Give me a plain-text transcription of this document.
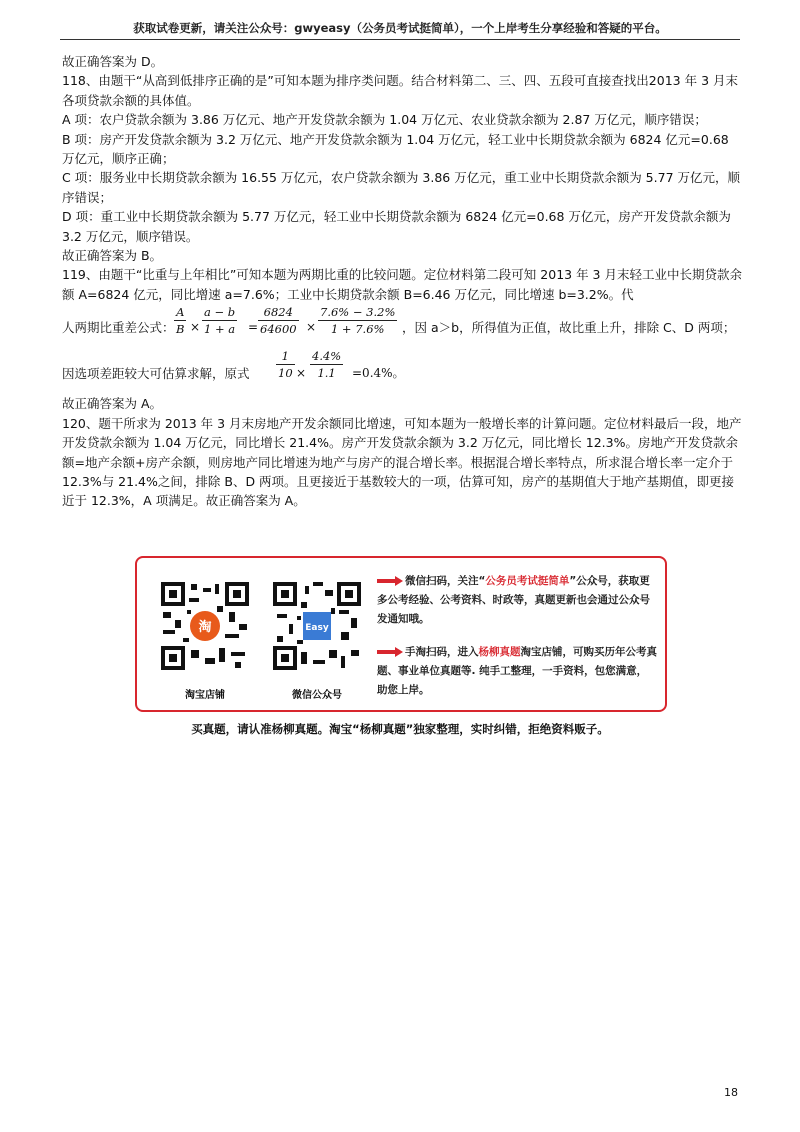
获取试卷更新，请关注公众号：gwyeasy（公务员考试挺简单），一个上岸考生分享经验和答疑的平台。

故正确答案为 D。

118、由题干“从高到低排序正确的是”可知本题为排序类问题。结合材料第二、三、四、五段可直接查找出2013 年 3 月末各项贷款余额的具体值。

A 项：农户贷款余额为 3.86 万亿元、地产开发贷款余额为 1.04 万亿元、农业贷款余额为 2.87 万亿元，顺序错误；

B 项：房产开发贷款余额为 3.2 万亿元、地产开发贷款余额为 1.04 万亿元，轻工业中长期贷款余额为 6824 亿元=0.68 万亿元，顺序正确；

C 项：服务业中长期贷款余额为 16.55 万亿元，农户贷款余额为 3.86 万亿元，重工业中长期贷款余额为 5.77 万亿元，顺序错误；

D 项：重工业中长期贷款余额为 5.77 万亿元，轻工业中长期贷款余额为 6824 亿元=0.68 万亿元，房产开发贷款余额为 3.2 万亿元，顺序错误。

故正确答案为 B。

119、由题干“比重与上年相比”可知本题为两期比重的比较问题。定位材料第二段可知 2013 年 3 月末轻工业中长期贷款余额 A=6824 亿元，同比增速 a=7.6%；工业中长期贷款余额 B=6.46 万亿元，同比增速 b=3.2%。代

人两期比重差公式： $\frac{A}{B} \times \frac{a - b}{1 + a} = \frac{6824}{64600} \times \frac{7.6\% - 3.2\%}{1 + 7.6\%}$ ，因 a＞b，所得值为正值，故比重上升，排除 C、D 两项；
因选项差距较大可估算求解，原式 $\frac{1}{10} \times \frac{4.4\%}{1.1} =0.4\%$。

故正确答案为 A。

120、题干所求为 2013 年 3 月末房地产开发余额同比增速，可知本题为一般增长率的计算问题。定位材料最后一段，地产开发贷款余额为 1.04 万亿元，同比增长 21.4%。房产开发贷款余额为 3.2 万亿元，同比增长 12.3%。房地产开发贷款余额=地产余额+房产余额，则房地产同比增速为地产与房产的混合增长率。根据混合增长率特点，所求混合增长率一定介于 12.3%与 21.4%之间，排除 B、D 两项。且更接近于基数较大的一项，估算可知，房产的基期值大于地产基期值，即更接近于 12.3%，A 项满足。故正确答案为 A。

淘
淘宝店铺
Easy
微信公众号
微信扫码，关注“公务员考试挺简单”公众号，获取更多公考经验、公考资料、时政等，真题更新也会通过公众号发通知哦。
手淘扫码，进入杨柳真题淘宝店铺，可购买历年公考真题、事业单位真题等. 纯手工整理，一手资料，包您满意，助您上岸。
买真题，请认准杨柳真题。淘宝“杨柳真题”独家整理，实时纠错，拒绝资料贩子。
18
